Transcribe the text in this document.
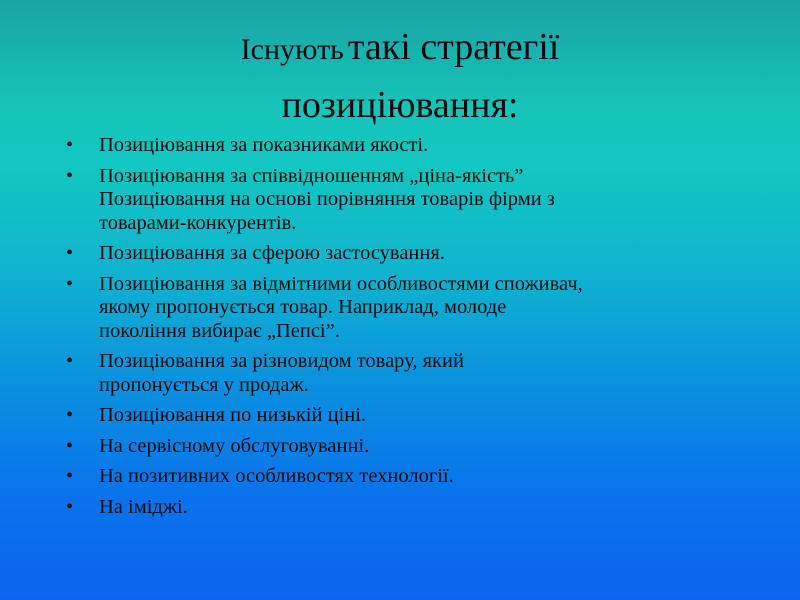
Існують такі стратегії
позиціювання:
• Позиціювання за показниками якості.
• Позиціювання за співвідношенням „ціна-якість”
Позиціювання на основі порівняння товарів фірми з
товарами-конкурентів.
• Позиціювання за сферою застосування.
• Позиціювання за відмітними особливостями споживач,
якому пропонується товар. Наприклад, молоде
покоління вибирає „Пепсі”.
• Позиціювання за різновидом товару, який
пропонується у продаж.
• Позиціювання по низькій ціні.
• На сервісному обслуговуванні.
• На позитивних особливостях технології.
• На іміджі.
